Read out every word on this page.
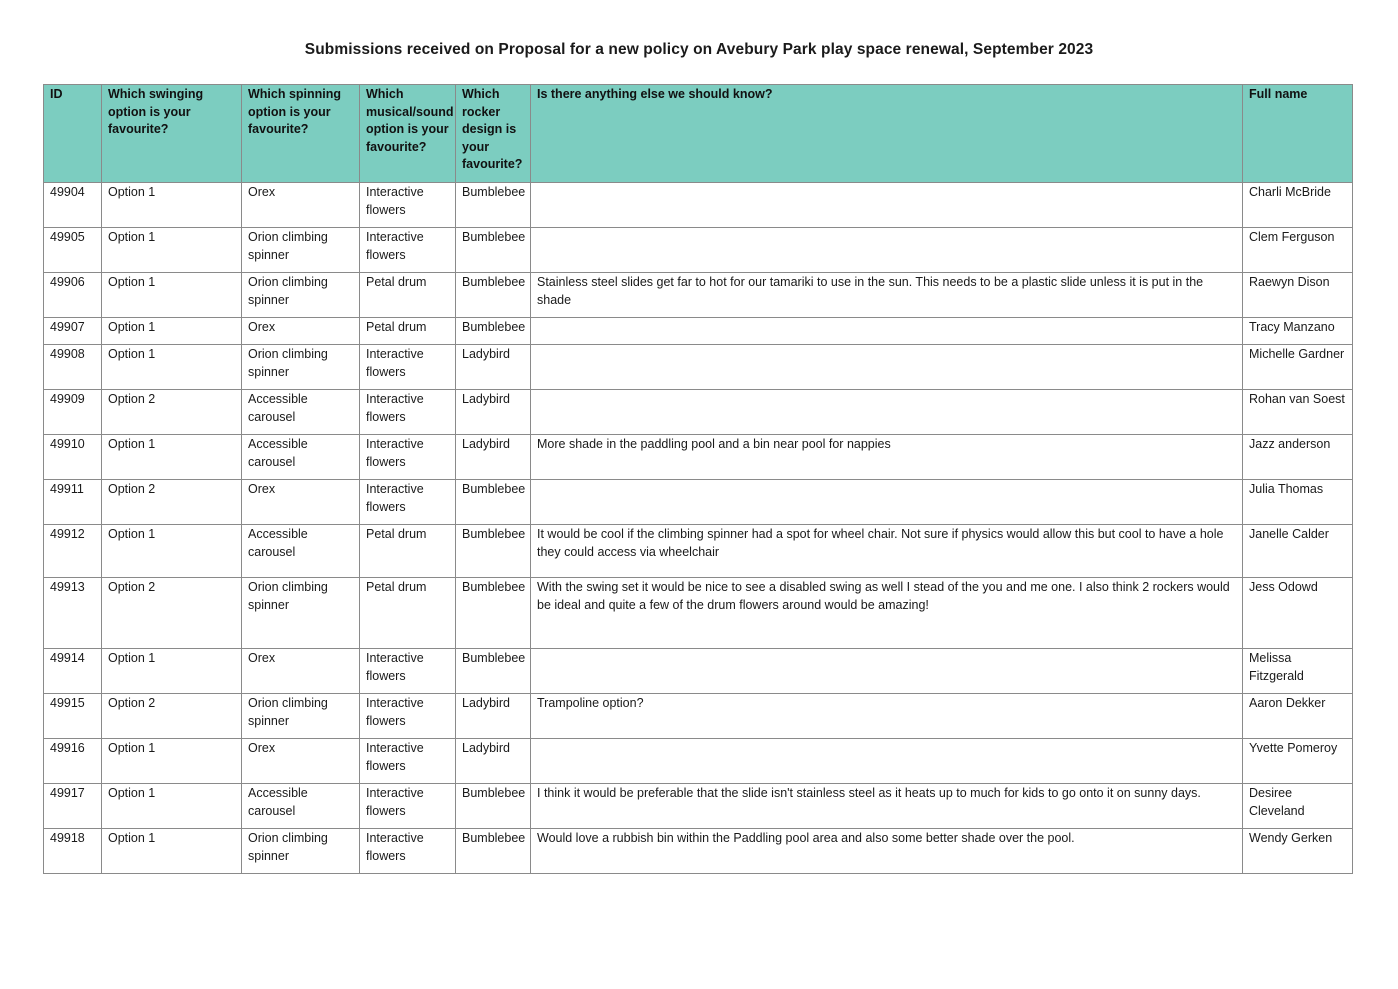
Submissions received on Proposal for a new policy on Avebury Park play space renewal, September 2023
ID	Which swinging option is your favourite?	Which spinning option is your favourite?	Which musical/sound option is your favourite?	Which rocker design is your favourite?	Is there anything else we should know?	Full name
49904	Option 1	Orex	Interactive flowers	Bumblebee		Charli McBride
49905	Option 1	Orion climbing spinner	Interactive flowers	Bumblebee		Clem Ferguson
49906	Option 1	Orion climbing spinner	Petal drum	Bumblebee	Stainless steel slides get far to hot for our tamariki to use in the sun. This needs to be a plastic slide unless it is put in the shade	Raewyn Dison
49907	Option 1	Orex	Petal drum	Bumblebee		Tracy Manzano
49908	Option 1	Orion climbing spinner	Interactive flowers	Ladybird		Michelle Gardner
49909	Option 2	Accessible carousel	Interactive flowers	Ladybird		Rohan van Soest
49910	Option 1	Accessible carousel	Interactive flowers	Ladybird	More shade in the paddling pool and a bin near pool for nappies	Jazz anderson
49911	Option 2	Orex	Interactive flowers	Bumblebee		Julia Thomas
49912	Option 1	Accessible carousel	Petal drum	Bumblebee	It would be cool if the climbing spinner had a spot for wheel chair. Not sure if physics would allow this but cool to have a hole they could access via wheelchair	Janelle Calder
49913	Option 2	Orion climbing spinner	Petal drum	Bumblebee	With the swing set it would be nice to see a disabled swing as well I stead of the you and me one. I also think 2 rockers would be ideal and quite a few of the drum flowers around would be amazing!	Jess Odowd
49914	Option 1	Orex	Interactive flowers	Bumblebee		Melissa Fitzgerald
49915	Option 2	Orion climbing spinner	Interactive flowers	Ladybird	Trampoline option?	Aaron Dekker
49916	Option 1	Orex	Interactive flowers	Ladybird		Yvette Pomeroy
49917	Option 1	Accessible carousel	Interactive flowers	Bumblebee	I think it would be preferable that the slide isn't stainless steel as it heats up to much for kids to go onto it on sunny days.	Desiree Cleveland
49918	Option 1	Orion climbing spinner	Interactive flowers	Bumblebee	Would love a rubbish bin within the Paddling pool area and also some better shade over the pool.	Wendy Gerken
